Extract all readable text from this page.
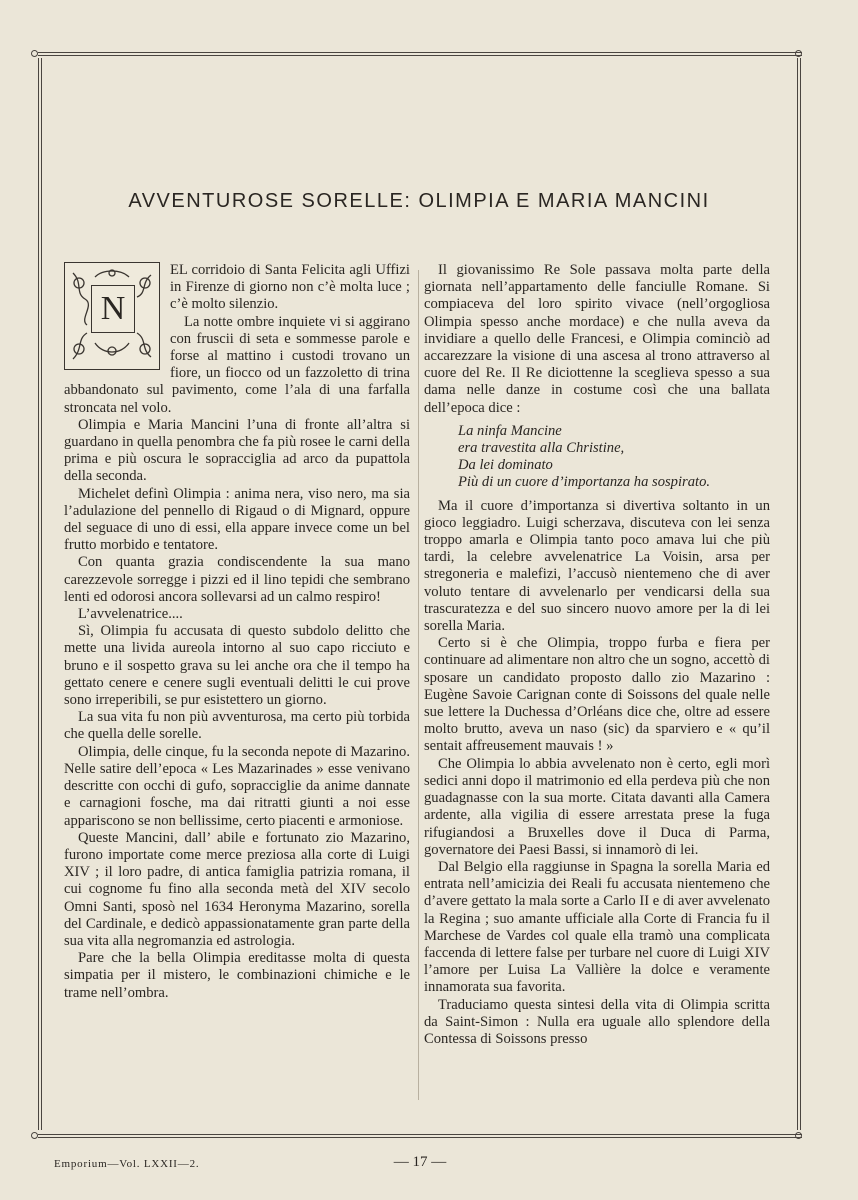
AVVENTUROSE SORELLE: OLIMPIA E MARIA MANCINI
N

EL corridoio di Santa Felicita agli Uffizi in Firenze di giorno non c’è molta luce ; c’è molto silenzio.

La notte ombre inquiete vi si aggirano con fruscii di seta e sommesse parole e forse al mattino i custodi trovano un fiore, un fiocco od un fazzoletto di trina abbandonato sul pavimento, come l’ala di una farfalla stroncata nel volo.

Olimpia e Maria Mancini l’una di fronte all’altra si guardano in quella penombra che fa più rosee le carni della prima e più oscura le sopracciglia ad arco da pupattola della seconda.

Michelet definì Olimpia : anima nera, viso nero, ma sia l’adulazione del pennello di Rigaud o di Mignard, oppure del seguace di uno di essi, ella appare invece come un bel frutto morbido e tentatore.

Con quanta grazia condiscendente la sua mano carezzevole sorregge i pizzi ed il lino tepidi che sembrano lenti ed odorosi ancora sollevarsi ad un calmo respiro!

L’avvelenatrice....

Sì, Olimpia fu accusata di questo subdolo delitto che mette una livida aureola intorno al suo capo ricciuto e bruno e il sospetto grava su lei anche ora che il tempo ha gettato cenere e cenere sugli eventuali delitti le cui prove sono irreperibili, se pur esistettero un giorno.

La sua vita fu non più avventurosa, ma certo più torbida che quella delle sorelle.

Olimpia, delle cinque, fu la seconda nepote di Mazarino. Nelle satire dell’epoca « Les Mazarinades » esse venivano descritte con occhi di gufo, sopracciglie da anime dannate e carnagioni fosche, ma dai ritratti giunti a noi esse appariscono se non bellissime, certo piacenti e armoniose.

Queste Mancini, dall’ abile e fortunato zio Mazarino, furono importate come merce preziosa alla corte di Luigi XIV ; il loro padre, di antica famiglia patrizia romana, il cui cognome fu fino alla seconda metà del XIV secolo Omni Santi, sposò nel 1634 Heronyma Mazarino, sorella del Cardinale, e dedicò appassionatamente gran parte della sua vita alla negromanzia ed astrologia.

Pare che la bella Olimpia ereditasse molta di questa simpatia per il mistero, le combinazioni chimiche e le trame nell’ombra.

Il giovanissimo Re Sole passava molta parte della giornata nell’appartamento delle fanciulle Romane. Si compiaceva del loro spirito vivace (nell’orgogliosa Olimpia spesso anche mordace) e che nulla aveva da invidiare a quello delle Francesi, e Olimpia cominciò ad accarezzare la visione di una ascesa al trono attraverso al cuore del Re. Il Re diciottenne la sceglieva spesso a sua dama nelle danze in costume così che una ballata dell’epoca dice :

La ninfa Mancine
era travestita alla Christine,
Da lei dominato
Più di un cuore d’importanza ha sospirato.

Ma il cuore d’importanza si divertiva soltanto in un gioco leggiadro. Luigi scherzava, discuteva con lei senza troppo amarla e Olimpia tanto poco amava lui che più tardi, la celebre avvelenatrice La Voisin, arsa per stregoneria e malefizi, l’accusò nientemeno che di aver voluto tentare di avvelenarlo per vendicarsi della sua trascuratezza e del suo sincero nuovo amore per la di lei sorella Maria.

Certo si è che Olimpia, troppo furba e fiera per continuare ad alimentare non altro che un sogno, accettò di sposare un candidato proposto dallo zio Mazarino : Eugène Savoie Carignan conte di Soissons del quale nelle sue lettere la Duchessa d’Orléans dice che, oltre ad essere molto brutto, aveva un naso (sic) da sparviero e « qu’il sentait affreusement mauvais ! »

Che Olimpia lo abbia avvelenato non è certo, egli morì sedici anni dopo il matrimonio ed ella perdeva più che non guadagnasse con la sua morte. Citata davanti alla Camera ardente, alla vigilia di essere arrestata prese la fuga rifugiandosi a Bruxelles dove il Duca di Parma, governatore dei Paesi Bassi, si innamorò di lei.

Dal Belgio ella raggiunse in Spagna la sorella Maria ed entrata nell’amicizia dei Reali fu accusata nientemeno che d’avere gettato la mala sorte a Carlo II e di aver avvelenato la Regina ; suo amante ufficiale alla Corte di Francia fu il Marchese de Vardes col quale ella tramò una complicata faccenda di lettere false per turbare nel cuore di Luigi XIV l’amore per Luisa La Vallière la dolce e veramente innamorata sua favorita.

Traduciamo questa sintesi della vita di Olimpia scritta da Saint-Simon : Nulla era uguale allo splendore della Contessa di Soissons presso

Emporium—Vol. LXXII—2.	— 17 —
